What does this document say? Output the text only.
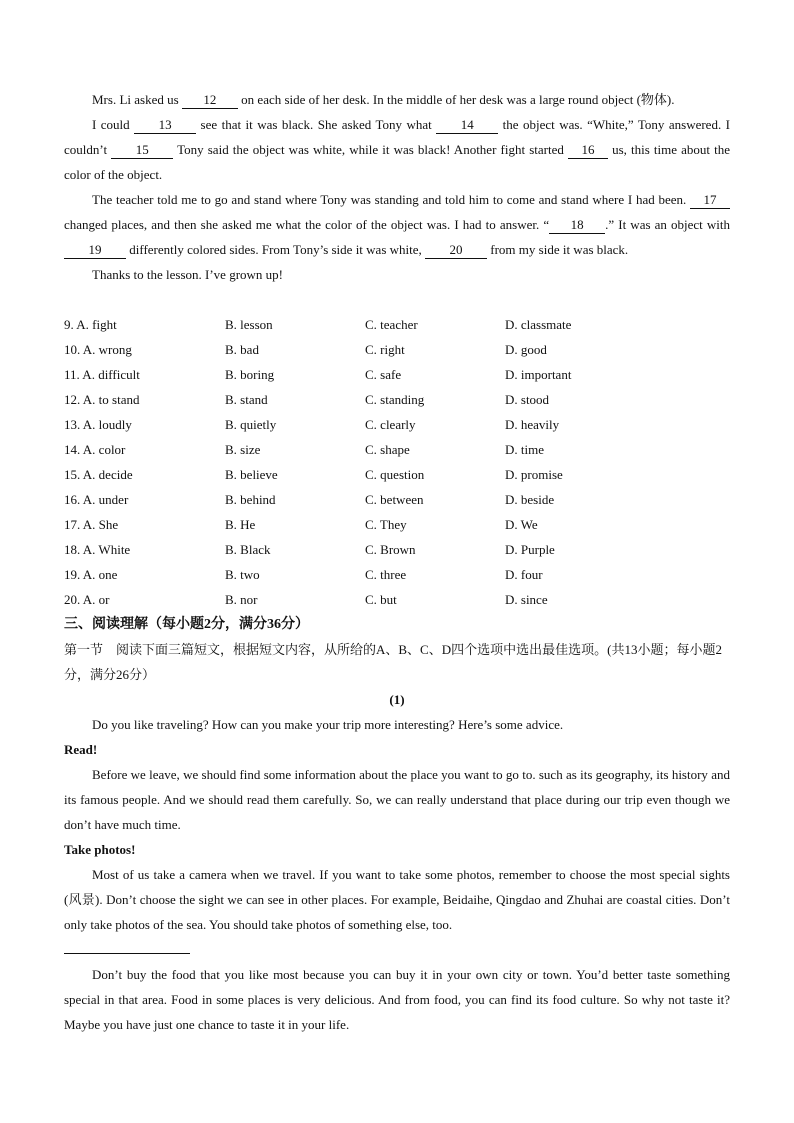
Mrs. Li asked us 12 on each side of her desk. In the middle of her desk was a large round object (物体).

I could 13 see that it was black. She asked Tony what 14 the object was. “White,” Tony answered. I couldn’t 15 Tony said the object was white, while it was black! Another fight started 16 us, this time about the color of the object.

The teacher told me to go and stand where Tony was standing and told him to come and stand where I had been. 17 changed places, and then she asked me what the color of the object was. I had to answer. “ 18 .” It was an object with 19 differently colored sides. From Tony’s side it was white, 20 from my side it was black.

Thanks to the lesson. I’ve grown up!

9. A. fight	B. lesson	C. teacher	D. classmate
10. A. wrong	B. bad	C. right	D. good
11. A. difficult	B. boring	C. safe	D. important
12. A. to stand	B. stand	C. standing	D. stood
13. A. loudly	B. quietly	C. clearly	D. heavily
14. A. color	B. size	C. shape	D. time
15. A. decide	B. believe	C. question	D. promise
16. A. under	B. behind	C. between	D. beside
17. A. She	B. He	C. They	D. We
18. A. White	B. Black	C. Brown	D. Purple
19. A. one	B. two	C. three	D. four
20. A. or	B. nor	C. but	D. since
三、阅读理解（每小题2分，满分36分）
第一节　阅读下面三篇短文，根据短文内容，从所给的A、B、C、D四个选项中选出最佳选项。(共13小题；每小题2分，满分26分）
(1)

Do you like traveling? How can you make your trip more interesting? Here’s some advice.

Read!

Before we leave, we should find some information about the place you want to go to. such as its geography, its history and its famous people. And we should read them carefully. So, we can really understand that place during our trip even though we don’t have much time.

Take photos!

Most of us take a camera when we travel. If you want to take some photos, remember to choose the most special sights (风景). Don’t choose the sight we can see in other places. For example, Beidaihe, Qingdao and Zhuhai are coastal cities. Don’t only take photos of the sea. You should take photos of something else, too.

Don’t buy the food that you like most because you can buy it in your own city or town. You’d better taste something special in that area. Food in some places is very delicious. And from food, you can find its food culture. So why not taste it? Maybe you have just one chance to taste it in your life.
